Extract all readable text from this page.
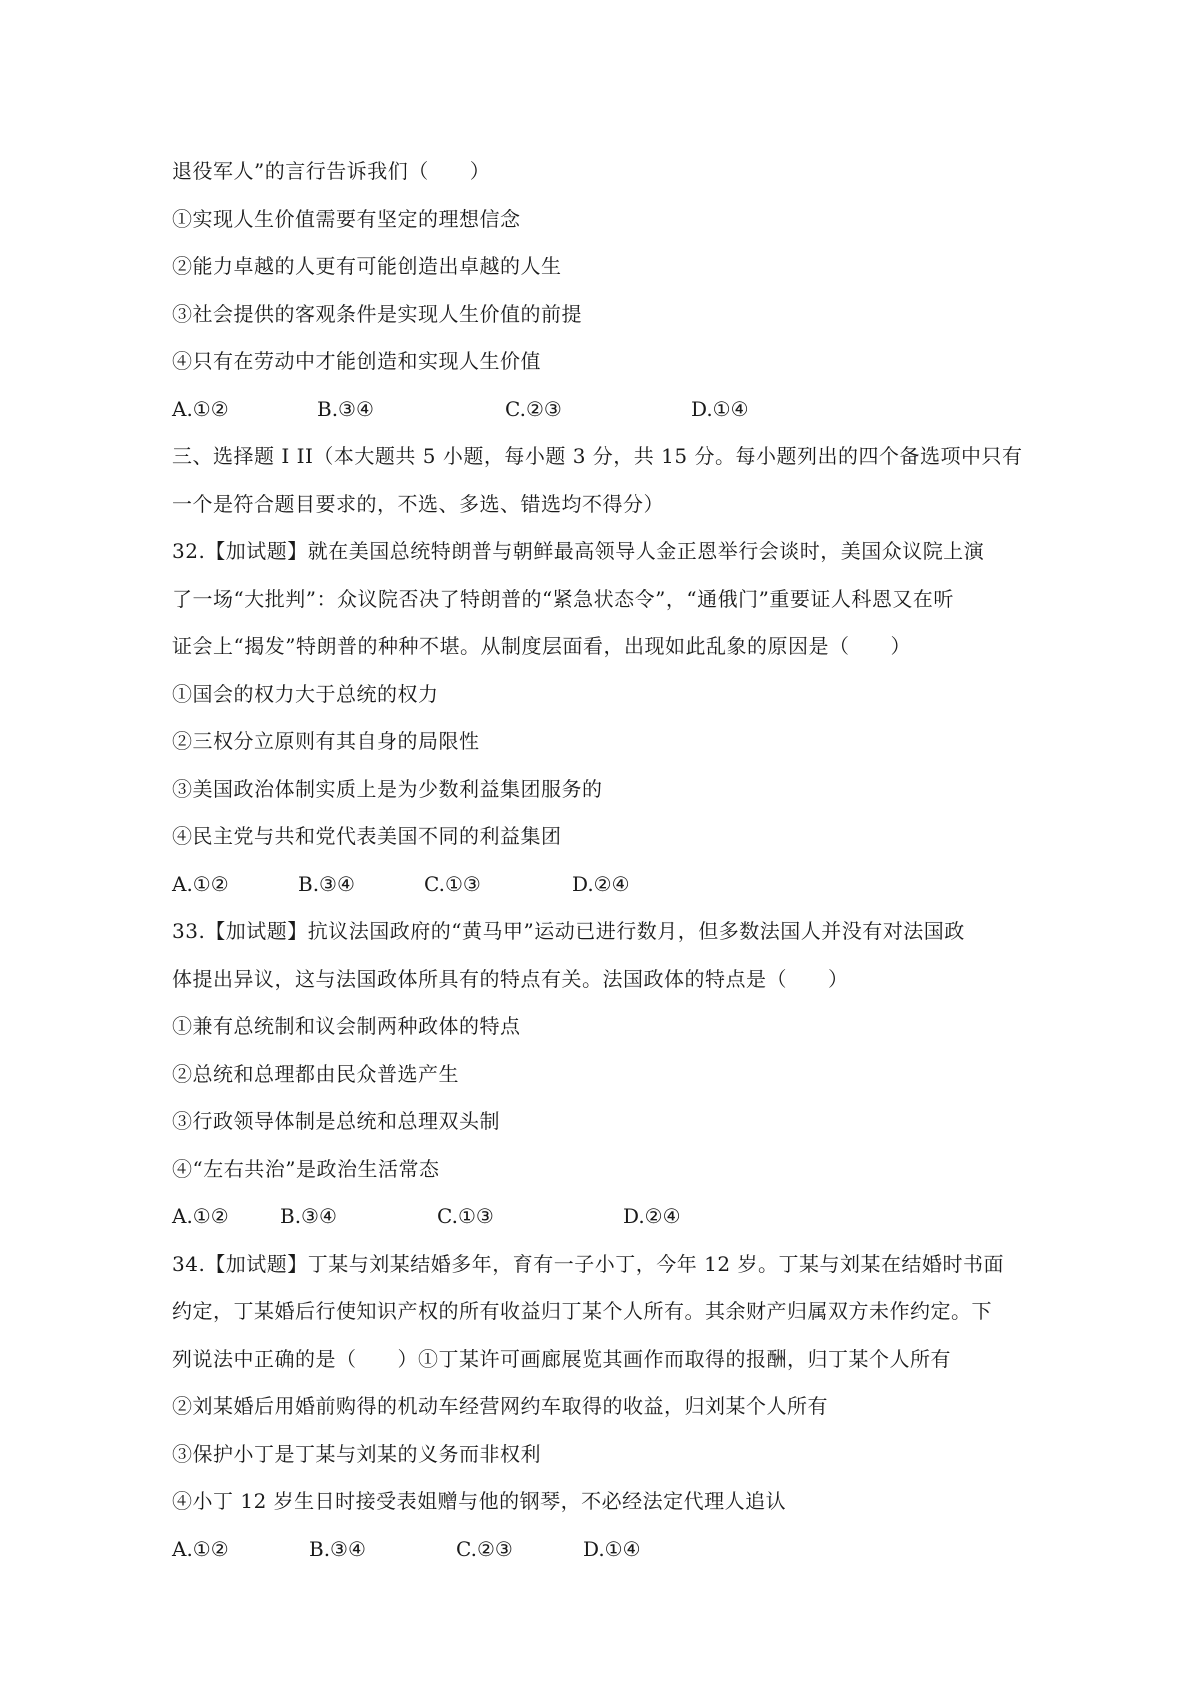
退役军人”的言行告诉我们（　　）
①实现人生价值需要有坚定的理想信念
②能力卓越的人更有可能创造出卓越的人生
③社会提供的客观条件是实现人生价值的前提
④只有在劳动中才能创造和实现人生价值
A.①②	B.③④	C.②③	D.①④
三、选择题 I II（本大题共 5 小题，每小题 3 分，共 15 分。每小题列出的四个备选项中只有
一个是符合题目要求的，不选、多选、错选均不得分）
32.【加试题】就在美国总统特朗普与朝鲜最高领导人金正恩举行会谈时，美国众议院上演
了一场“大批判”：众议院否决了特朗普的“紧急状态令”，“通俄门”重要证人科恩又在听
证会上“揭发”特朗普的种种不堪。从制度层面看，出现如此乱象的原因是（　　）
①国会的权力大于总统的权力
②三权分立原则有其自身的局限性
③美国政治体制实质上是为少数利益集团服务的
④民主党与共和党代表美国不同的利益集团
A.①②	B.③④	C.①③	D.②④
33.【加试题】抗议法国政府的“黄马甲”运动已进行数月，但多数法国人并没有对法国政
体提出异议，这与法国政体所具有的特点有关。法国政体的特点是（　　）
①兼有总统制和议会制两种政体的特点
②总统和总理都由民众普选产生
③行政领导体制是总统和总理双头制
④“左右共治”是政治生活常态
A.①②	B.③④	C.①③	D.②④
34.【加试题】丁某与刘某结婚多年，育有一子小丁，今年 12 岁。丁某与刘某在结婚时书面
约定，丁某婚后行使知识产权的所有收益归丁某个人所有。其余财产归属双方未作约定。下
列说法中正确的是（　　）①丁某许可画廊展览其画作而取得的报酬，归丁某个人所有
②刘某婚后用婚前购得的机动车经营网约车取得的收益，归刘某个人所有
③保护小丁是丁某与刘某的义务而非权利
④小丁 12 岁生日时接受表姐赠与他的钢琴，不必经法定代理人追认
A.①②	B.③④	C.②③	D.①④
